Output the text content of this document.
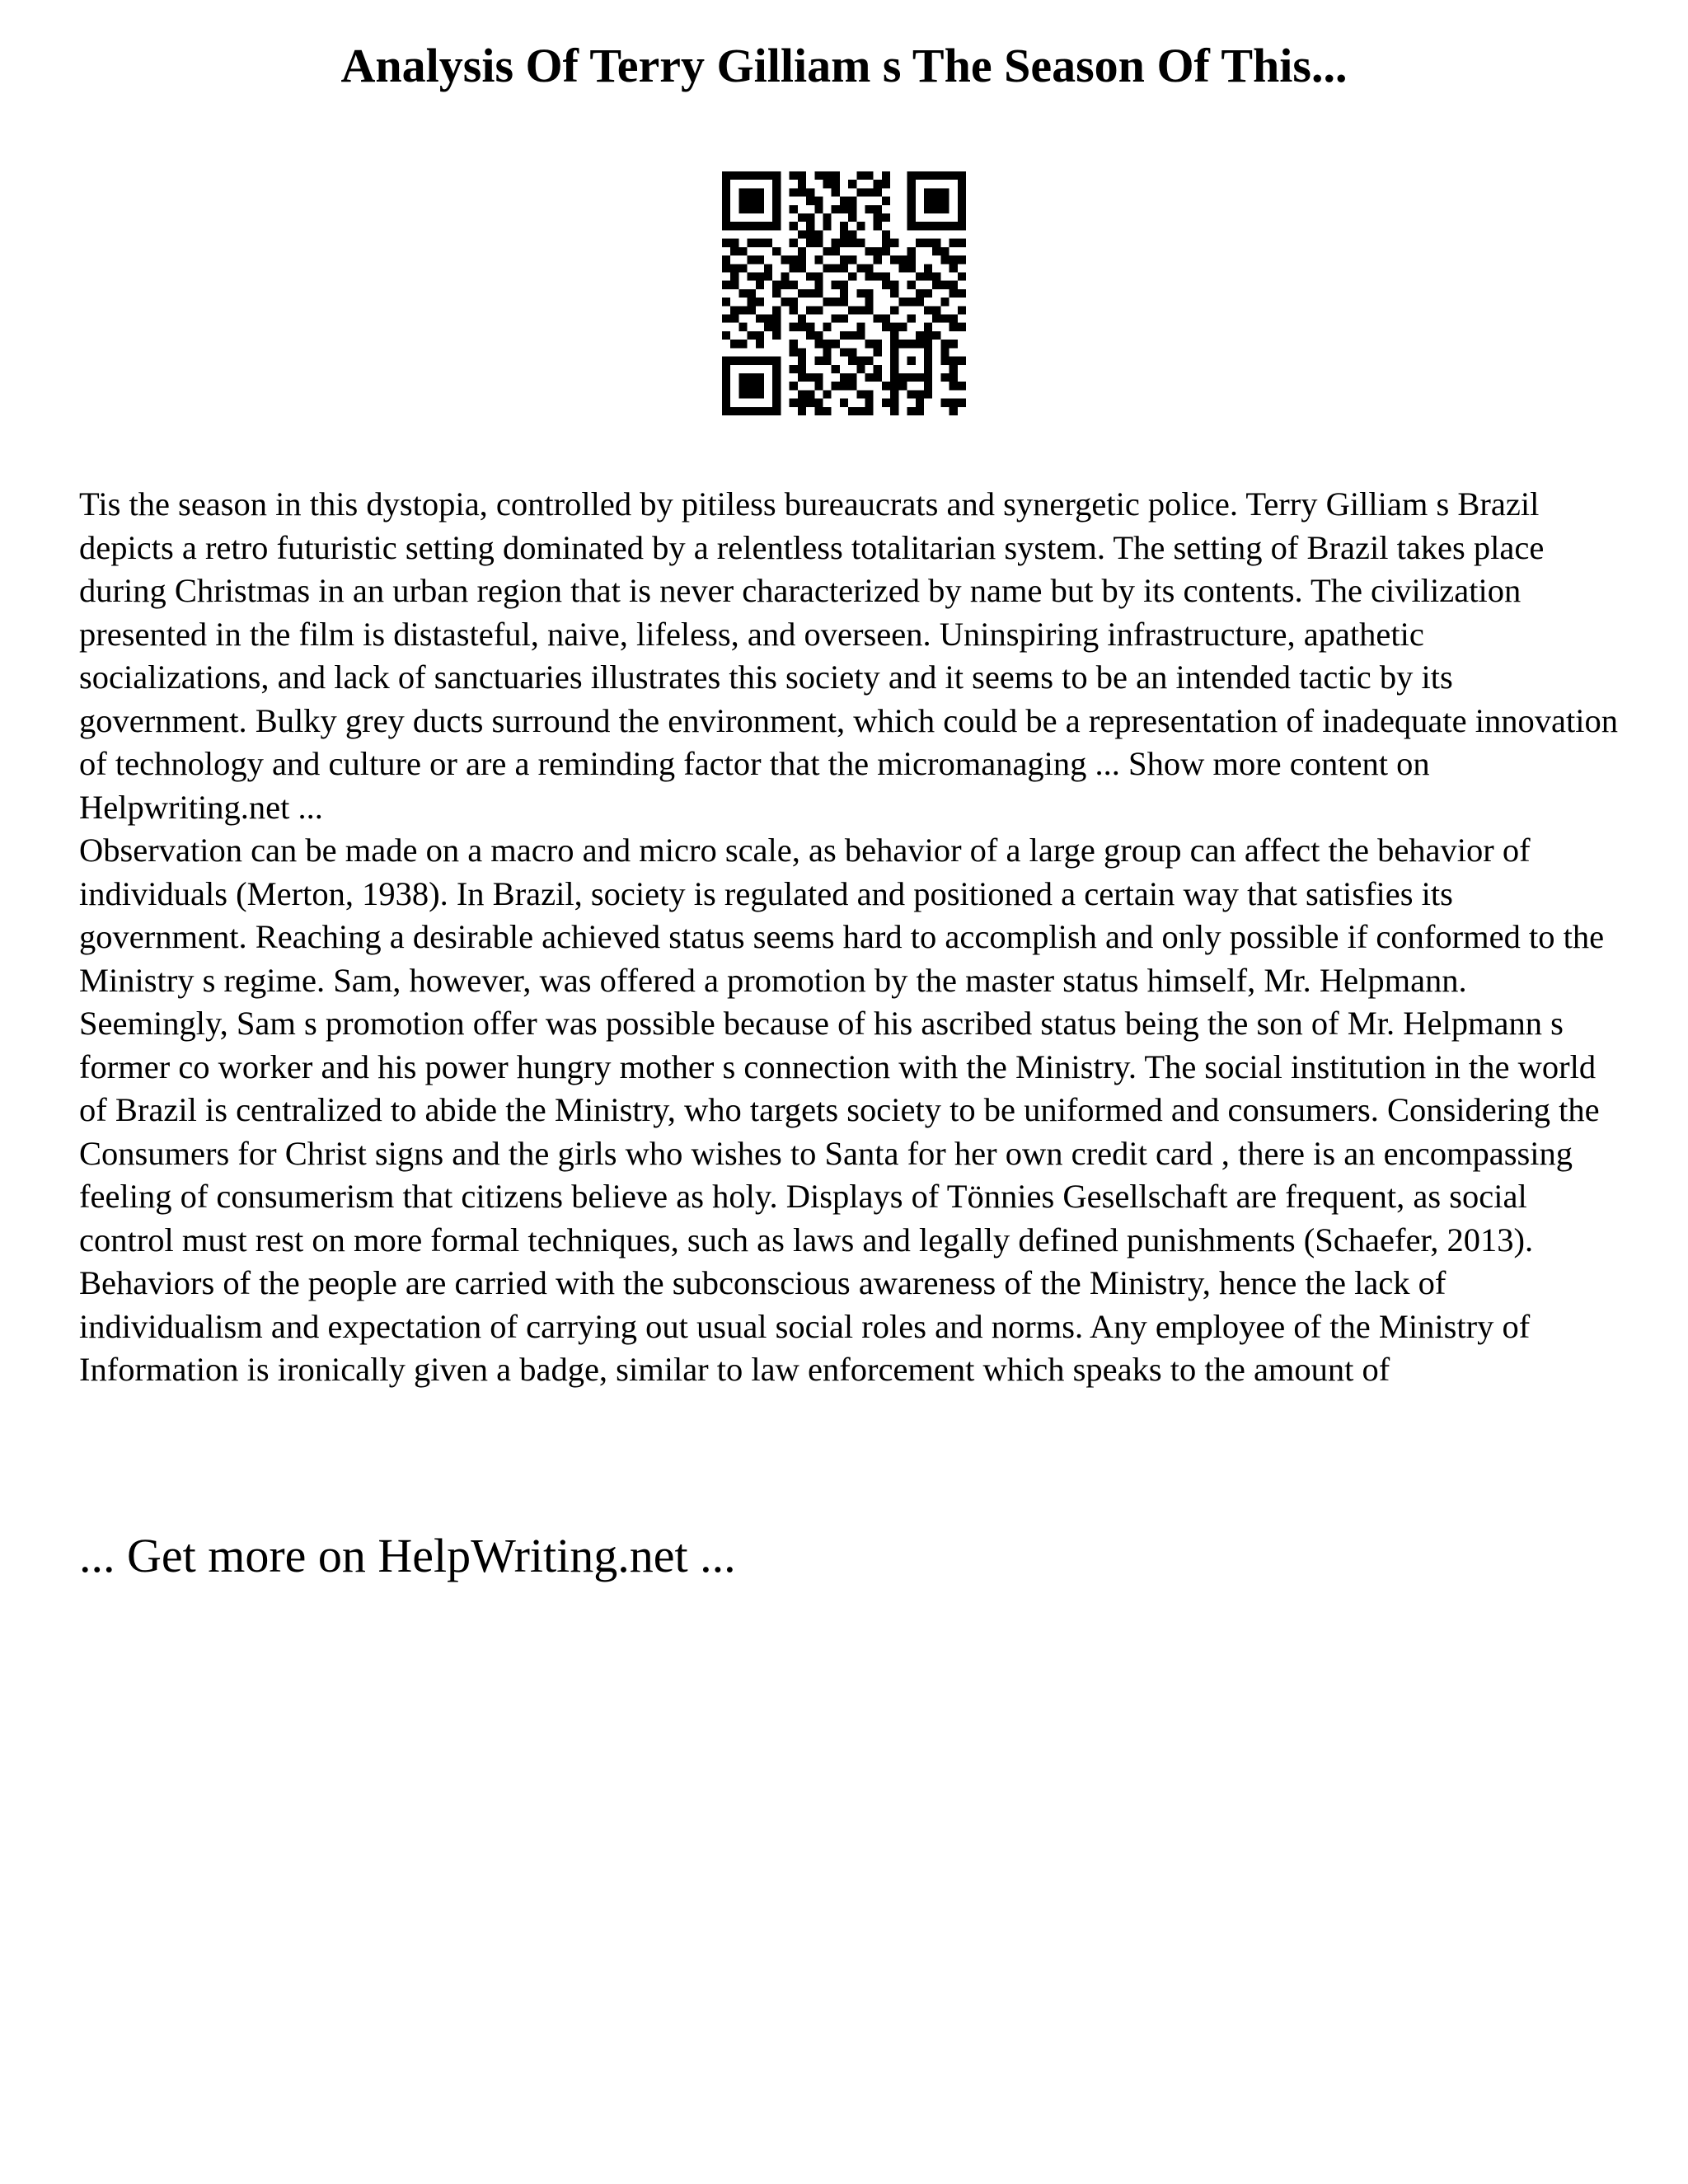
Analysis Of Terry Gilliam s The Season Of This...

Tis the season in this dystopia, controlled by pitiless bureaucrats and synergetic police. Terry Gilliam s Brazil depicts a retro futuristic setting dominated by a relentless totalitarian system. The setting of Brazil takes place during Christmas in an urban region that is never characterized by name but by its contents. The civilization presented in the film is distasteful, naive, lifeless, and overseen. Uninspiring infrastructure, apathetic socializations, and lack of sanctuaries illustrates this society and it seems to be an intended tactic by its government. Bulky grey ducts surround the environment, which could be a representation of inadequate innovation of technology and culture or are a reminding factor that the micromanaging ... Show more content on Helpwriting.net ...

Observation can be made on a macro and micro scale, as behavior of a large group can affect the behavior of individuals (Merton, 1938). In Brazil, society is regulated and positioned a certain way that satisfies its government. Reaching a desirable achieved status seems hard to accomplish and only possible if conformed to the Ministry s regime. Sam, however, was offered a promotion by the master status himself, Mr. Helpmann. Seemingly, Sam s promotion offer was possible because of his ascribed status being the son of Mr. Helpmann s former co worker and his power hungry mother s connection with the Ministry. The social institution in the world of Brazil is centralized to abide the Ministry, who targets society to be uniformed and consumers. Considering the Consumers for Christ signs and the girls who wishes to Santa for her own credit card , there is an encompassing feeling of consumerism that citizens believe as holy. Displays of Tönnies Gesellschaft are frequent, as social control must rest on more formal techniques, such as laws and legally defined punishments (Schaefer, 2013). Behaviors of the people are carried with the subconscious awareness of the Ministry, hence the lack of individualism and expectation of carrying out usual social roles and norms. Any employee of the Ministry of Information is ironically given a badge, similar to law enforcement which speaks to the amount of

... Get more on HelpWriting.net ...
